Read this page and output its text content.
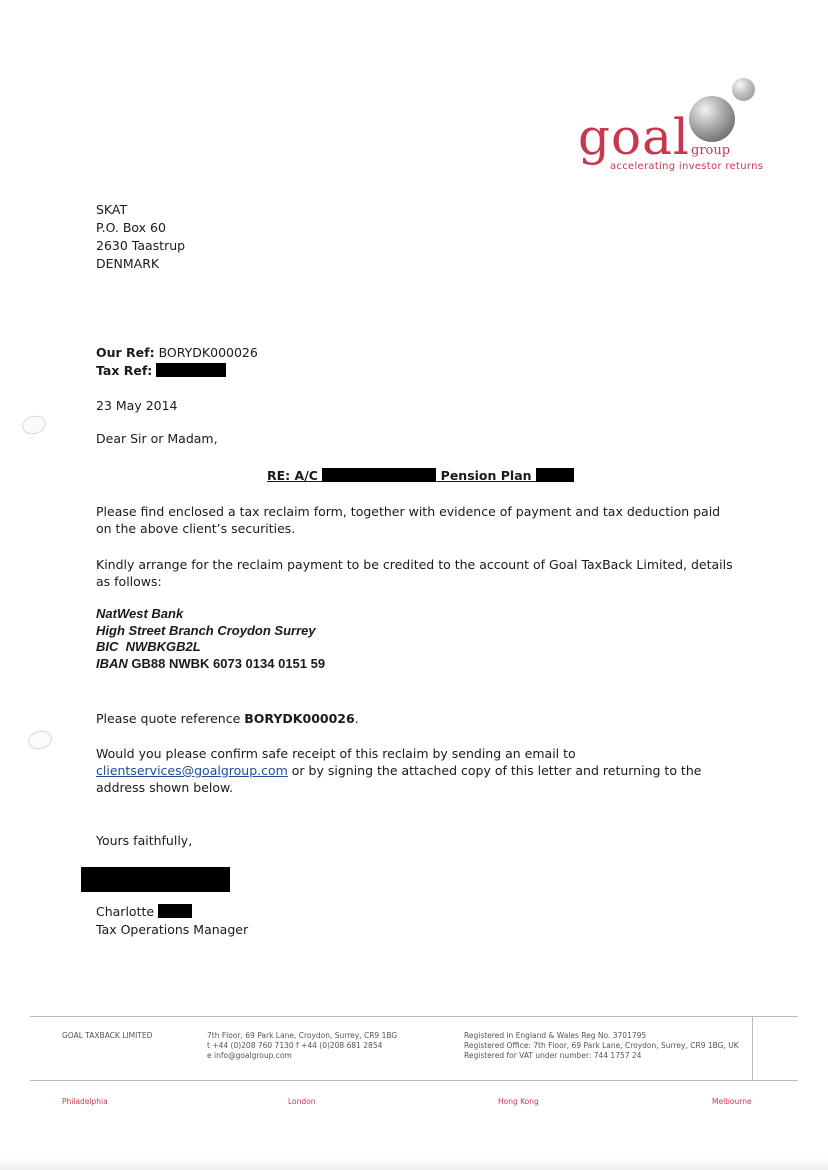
goal group
accelerating investor returns
SKAT
P.O. Box 60
2630 Taastrup
DENMARK
Our Ref: BORYDK000026
Tax Ref:
23 May 2014
Dear Sir or Madam,
RE: A/C	Pension Plan
Please find enclosed a tax reclaim form, together with evidence of payment and tax deduction paid on the above client’s securities.
Kindly arrange for the reclaim payment to be credited to the account of Goal TaxBack Limited, details as follows:
NatWest Bank
High Street Branch Croydon Surrey
BIC NWBKGB2L
IBAN GB88 NWBK 6073 0134 0151 59
Please quote reference BORYDK000026.
Would you please confirm safe receipt of this reclaim by sending an email to clientservices@goalgroup.com or by signing the attached copy of this letter and returning to the address shown below.
Yours faithfully,
Charlotte
Tax Operations Manager
GOAL TAXBACK LIMITED	7th Floor, 69 Park Lane, Croydon, Surrey, CR9 1BG
t +44 (0)208 760 7130 f +44 (0)208 681 2854
e info@goalgroup.com
Registered in England & Wales Reg No. 3701795
Registered Office: 7th Floor, 69 Park Lane, Croydon, Surrey, CR9 1BG, UK
Registered for VAT under number: 744 1757 24
Philadelphia	London	Hong Kong	Melbourne
